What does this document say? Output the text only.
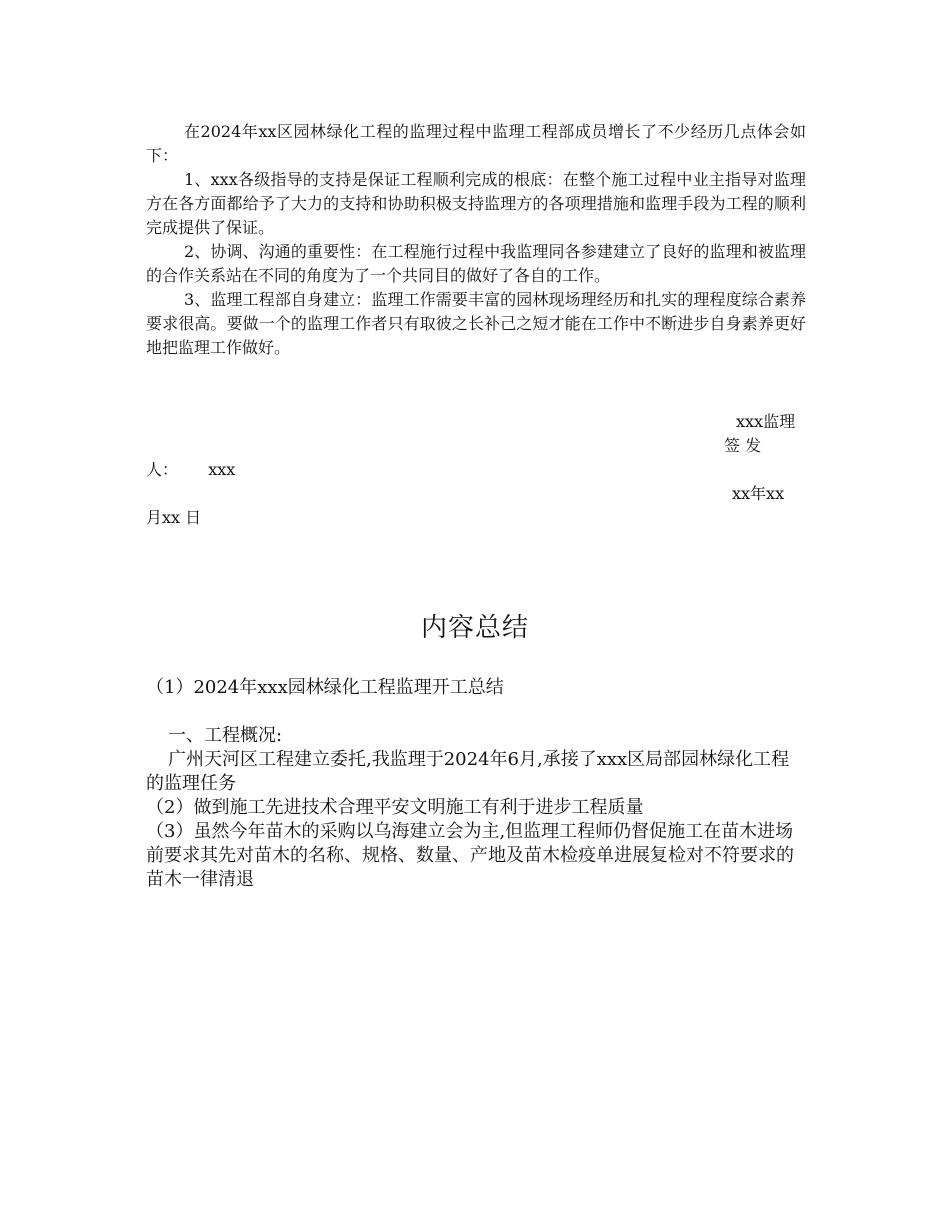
在2024年xx区园林绿化工程的监理过程中监理工程部成员增长了不少经历几点体会如下：

1、xxx各级指导的支持是保证工程顺利完成的根底：在整个施工过程中业主指导对监理方在各方面都给予了大力的支持和协助积极支持监理方的各项理措施和监理手段为工程的顺利完成提供了保证。

2、协调、沟通的重要性：在工程施行过程中我监理同各参建建立了良好的监理和被监理的合作关系站在不同的角度为了一个共同目的做好了各自的工作。

3、监理工程部自身建立：监理工作需要丰富的园林现场理经历和扎实的理程度综合素养要求很高。要做一个的监理工作者只有取彼之长补己之短才能在工作中不断进步自身素养更好地把监理工作做好。

xxx监理
签 发
人： xxx
xx年xx
月xx 日
内容总结

（1）2024年xxx园林绿化工程监理开工总结

一、工程概况:

广州天河区工程建立委托,我监理于2024年6月,承接了xxx区局部园林绿化工程的监理任务

（2）做到施工先进技术合理平安文明施工有利于进步工程质量

（3）虽然今年苗木的采购以乌海建立会为主,但监理工程师仍督促施工在苗木进场前要求其先对苗木的名称、规格、数量、产地及苗木检疫单进展复检对不符要求的苗木一律清退
